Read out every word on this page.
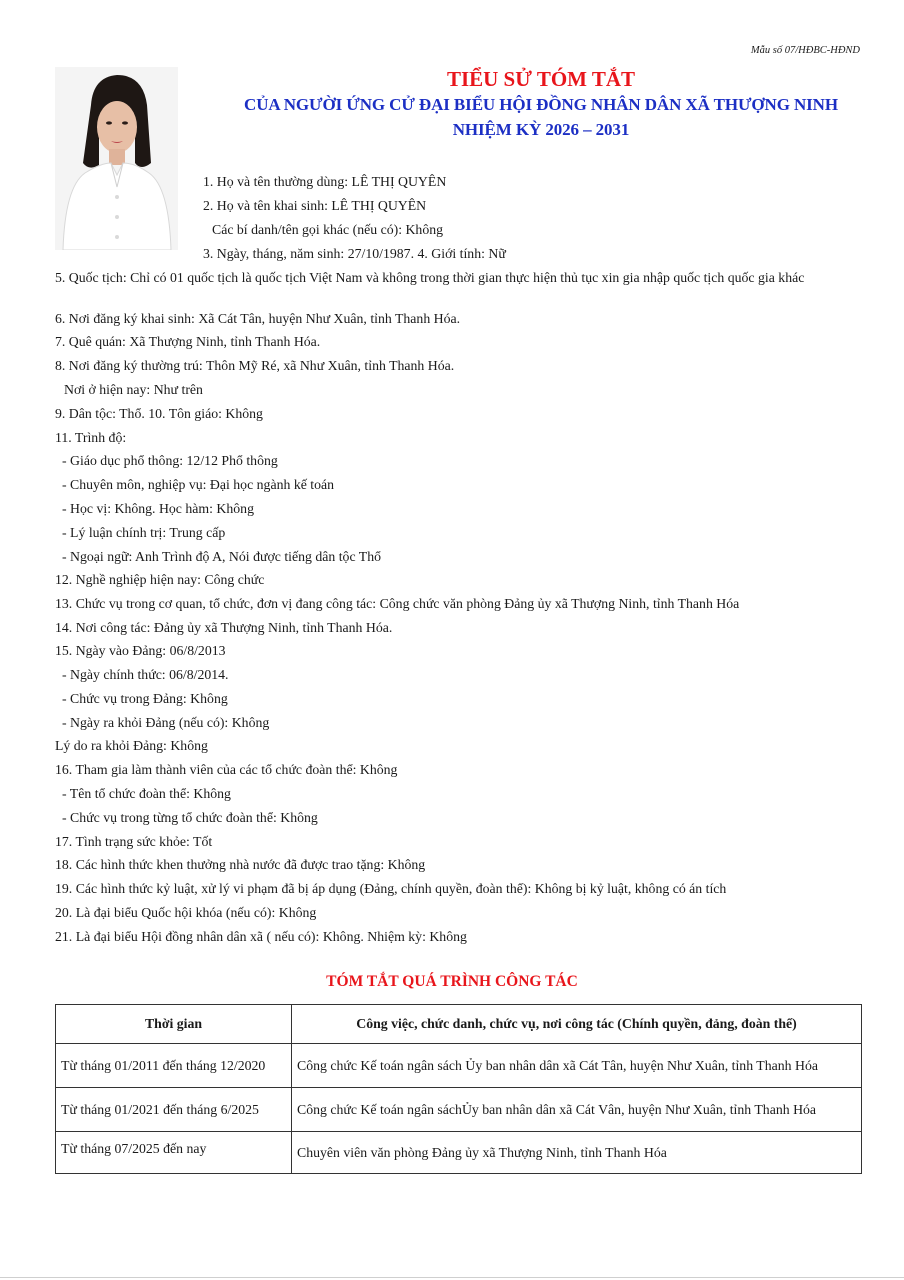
Mẫu số 07/HĐBC-HĐND
TIỂU SỬ TÓM TẮT
CỦA NGƯỜI ỨNG CỬ ĐẠI BIỂU HỘI ĐỒNG NHÂN DÂN XÃ THƯỢNG NINH
NHIỆM KỲ 2026 – 2031
1. Họ và tên thường dùng: LÊ THỊ QUYÊN
2. Họ và tên khai sinh: LÊ THỊ QUYÊN
Các bí danh/tên gọi khác (nếu có): Không
3. Ngày, tháng, năm sinh: 27/10/1987. 4. Giới tính: Nữ
5. Quốc tịch: Chỉ có 01 quốc tịch là quốc tịch Việt Nam và không trong thời gian thực hiện thủ tục xin gia nhập quốc tịch quốc gia khác
6. Nơi đăng ký khai sinh: Xã Cát Tân, huyện Như Xuân, tỉnh Thanh Hóa.
7. Quê quán: Xã Thượng Ninh, tỉnh Thanh Hóa.
8. Nơi đăng ký thường trú: Thôn Mỹ Ré, xã Như Xuân, tỉnh Thanh Hóa.
Nơi ở hiện nay: Như trên
9. Dân tộc: Thổ. 10. Tôn giáo: Không
11. Trình độ:
- Giáo dục phổ thông: 12/12 Phổ thông
- Chuyên môn, nghiệp vụ: Đại học ngành kế toán
- Học vị: Không. Học hàm: Không
- Lý luận chính trị: Trung cấp
- Ngoại ngữ: Anh Trình độ A, Nói được tiếng dân tộc Thổ
12. Nghề nghiệp hiện nay: Công chức
13. Chức vụ trong cơ quan, tổ chức, đơn vị đang công tác: Công chức văn phòng Đảng ủy xã Thượng Ninh, tỉnh Thanh Hóa
14. Nơi công tác: Đảng ủy xã Thượng Ninh, tỉnh Thanh Hóa.
15. Ngày vào Đảng: 06/8/2013
- Ngày chính thức: 06/8/2014.
- Chức vụ trong Đảng: Không
- Ngày ra khỏi Đảng (nếu có): Không
Lý do ra khỏi Đảng: Không
16. Tham gia làm thành viên của các tổ chức đoàn thể: Không
- Tên tổ chức đoàn thể: Không
- Chức vụ trong từng tổ chức đoàn thể: Không
17. Tình trạng sức khỏe: Tốt
18. Các hình thức khen thưởng nhà nước đã được trao tặng: Không
19. Các hình thức kỷ luật, xử lý vi phạm đã bị áp dụng (Đảng, chính quyền, đoàn thể): Không bị kỷ luật, không có án tích
20. Là đại biểu Quốc hội khóa (nếu có): Không
21. Là đại biểu Hội đồng nhân dân xã ( nếu có): Không. Nhiệm kỳ: Không
TÓM TẮT QUÁ TRÌNH CÔNG TÁC
Thời gian	Công việc, chức danh, chức vụ, nơi công tác (Chính quyền, đảng, đoàn thể)
Từ tháng 01/2011 đến tháng 12/2020	Công chức Kế toán ngân sách Ủy ban nhân dân xã Cát Tân, huyện Như Xuân, tỉnh Thanh Hóa
Từ tháng 01/2021 đến tháng 6/2025	Công chức Kế toán ngân sáchỦy ban nhân dân xã Cát Vân, huyện Như Xuân, tỉnh Thanh Hóa
Từ tháng 07/2025 đến nay	Chuyên viên văn phòng Đảng ủy xã Thượng Ninh, tỉnh Thanh Hóa
